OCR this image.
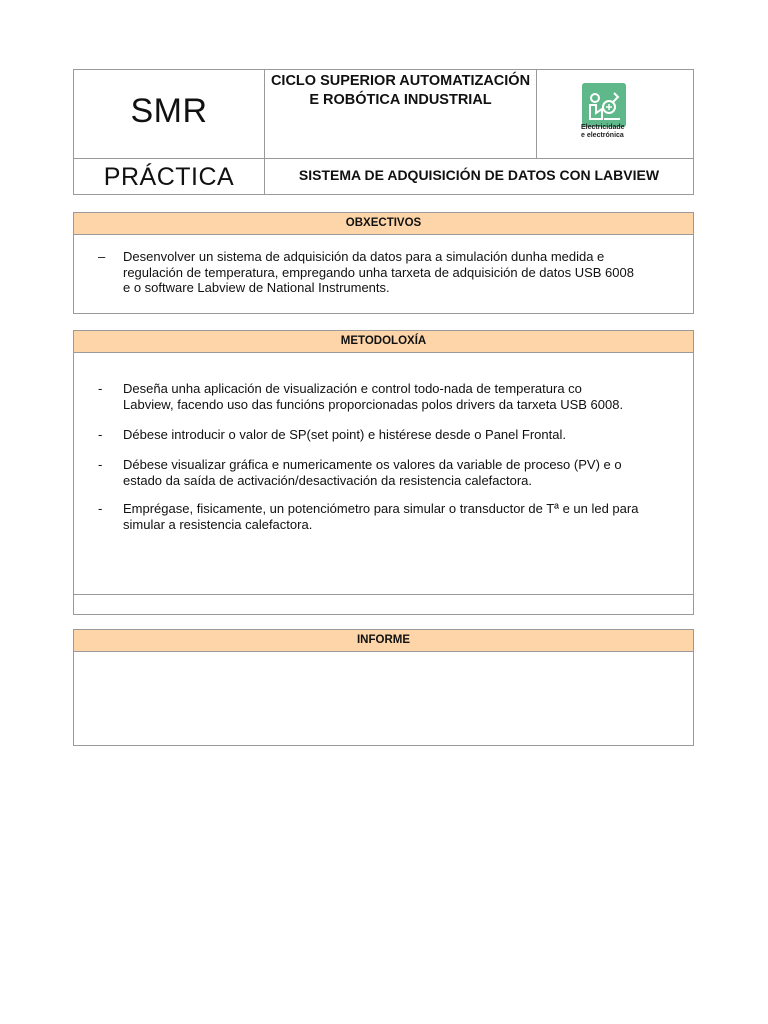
SMR
CICLO SUPERIOR AUTOMATIZACIÓN
E ROBÓTICA INDUSTRIAL
Electricidade
e electrónica
PRÁCTICA	SISTEMA DE ADQUISICIÓN DE DATOS CON LABVIEW
OBXECTIVOS
– Desenvolver un sistema de adquisición da datos para a simulación dunha medida e
regulación de temperatura, empregando unha tarxeta de adquisición de datos USB 6008
e o software Labview de National Instruments.
METODOLOXÍA
- Deseña unha aplicación de visualización e control todo-nada de temperatura co
Labview, facendo uso das funcións proporcionadas polos drivers da tarxeta USB 6008.
- Débese introducir o valor de SP(set point) e histérese desde o Panel Frontal.
- Débese visualizar gráfica e numericamente os valores da variable de proceso (PV) e o
estado da saída de activación/desactivación da resistencia calefactora.
- Emprégase, fisicamente, un potenciómetro para simular o transductor de Tª e un led para
simular a resistencia calefactora.
INFORME
